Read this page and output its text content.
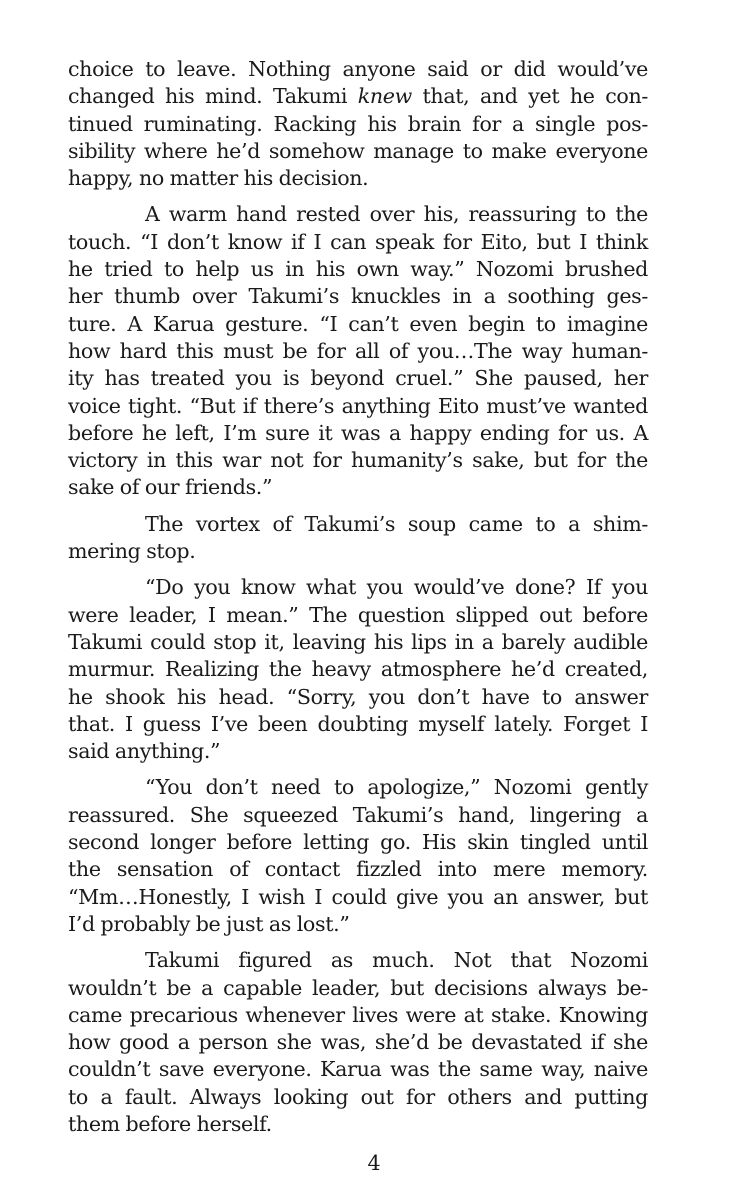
choice to leave. Nothing anyone said or did would’ve
changed his mind. Takumi knew that, and yet he con-
tinued ruminating. Racking his brain for a single pos-
sibility where he’d somehow manage to make everyone
happy, no matter his decision.

A warm hand rested over his, reassuring to the
touch. “I don’t know if I can speak for Eito, but I think
he tried to help us in his own way.” Nozomi brushed
her thumb over Takumi’s knuckles in a soothing ges-
ture. A Karua gesture. “I can’t even begin to imagine
how hard this must be for all of you…The way human-
ity has treated you is beyond cruel.” She paused, her
voice tight. “But if there’s anything Eito must’ve wanted
before he left, I’m sure it was a happy ending for us. A
victory in this war not for humanity’s sake, but for the
sake of our friends.”

The vortex of Takumi’s soup came to a shim-
mering stop.

“Do you know what you would’ve done? If you
were leader, I mean.” The question slipped out before
Takumi could stop it, leaving his lips in a barely audible
murmur. Realizing the heavy atmosphere he’d created,
he shook his head. “Sorry, you don’t have to answer
that. I guess I’ve been doubting myself lately. Forget I
said anything.”

“You don’t need to apologize,” Nozomi gently
reassured. She squeezed Takumi’s hand, lingering a
second longer before letting go. His skin tingled until
the sensation of contact fizzled into mere memory.
“Mm…Honestly, I wish I could give you an answer, but
I’d probably be just as lost.”

Takumi figured as much. Not that Nozomi
wouldn’t be a capable leader, but decisions always be-
came precarious whenever lives were at stake. Knowing
how good a person she was, she’d be devastated if she
couldn’t save everyone. Karua was the same way, naive
to a fault. Always looking out for others and putting
them before herself.

4
